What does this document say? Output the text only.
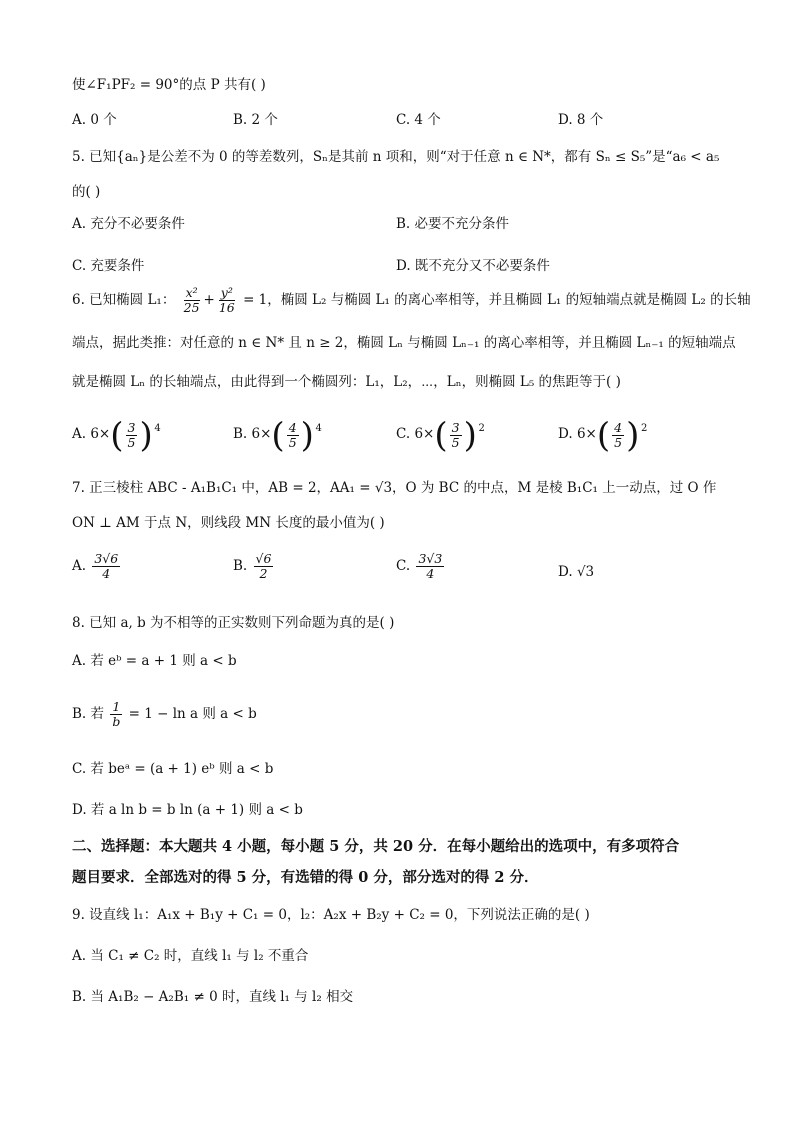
使∠F₁PF₂ = 90°的点 P 共有( )
A. 0 个	B. 2 个	C. 4 个	D. 8 个
5. 已知{aₙ}是公差不为 0 的等差数列，Sₙ是其前 n 项和，则“对于任意 n ∈ N*，都有 Sₙ ≤ S₅”是“a₆ < a₅
的( )
A. 充分不必要条件	B. 必要不充分条件
C. 充要条件	D. 既不充分又不必要条件
6. 已知椭圆 L₁： $\frac{\text{x²}}{25} + \frac{\text{y²}}{16} = 1$，椭圆 L₂ 与椭圆 L₁ 的离心率相等，并且椭圆 L₁ 的短轴端点就是椭圆 L₂ 的长轴
端点，据此类推：对任意的 n ∈ N* 且 n ≥ 2，椭圆 Lₙ 与椭圆 Lₙ₋₁ 的离心率相等，并且椭圆 Lₙ₋₁ 的短轴端点
就是椭圆 Lₙ 的长轴端点，由此得到一个椭圆列：L₁，L₂，⋯，Lₙ，则椭圆 L₅ 的焦距等于( )
A. $6\times( \frac{3}{5}$ ) 4	B. $6\times( \frac{4}{5}$ ) 4	C. $6\times( \frac{3}{5}$ ) 2	D. $6\times( \frac{4}{5}$ ) 2
7. 正三棱柱 ABC - A₁B₁C₁ 中，AB = 2，AA₁ = √3，O 为 BC 的中点，M 是棱 B₁C₁ 上一动点，过 O 作
ON ⊥ AM 于点 N，则线段 MN 长度的最小值为( )
A. $\frac{3√6}{4}$	B. $\frac{√6}{2}$	C. $\frac{3√3}{4}$	D. √3
8. 已知 a, b 为不相等的正实数则下列命题为真的是( )
A. 若 eᵇ = a + 1 则 a < b
B. 若 $\frac{1}{b} = 1 - \ln a$ 则 a < b
C. 若 beᵃ = (a + 1) eᵇ 则 a < b
D. 若 a ln b = b ln (a + 1) 则 a < b
二、选择题：本大题共 4 小题，每小题 5 分，共 20 分．在每小题给出的选项中，有多项符合
题目要求．全部选对的得 5 分，有选错的得 0 分，部分选对的得 2 分．
9. 设直线 l₁：A₁x + B₁y + C₁ = 0，l₂：A₂x + B₂y + C₂ = 0，下列说法正确的是( )
A. 当 C₁ ≠ C₂ 时，直线 l₁ 与 l₂ 不重合
B. 当 A₁B₂ − A₂B₁ ≠ 0 时，直线 l₁ 与 l₂ 相交
